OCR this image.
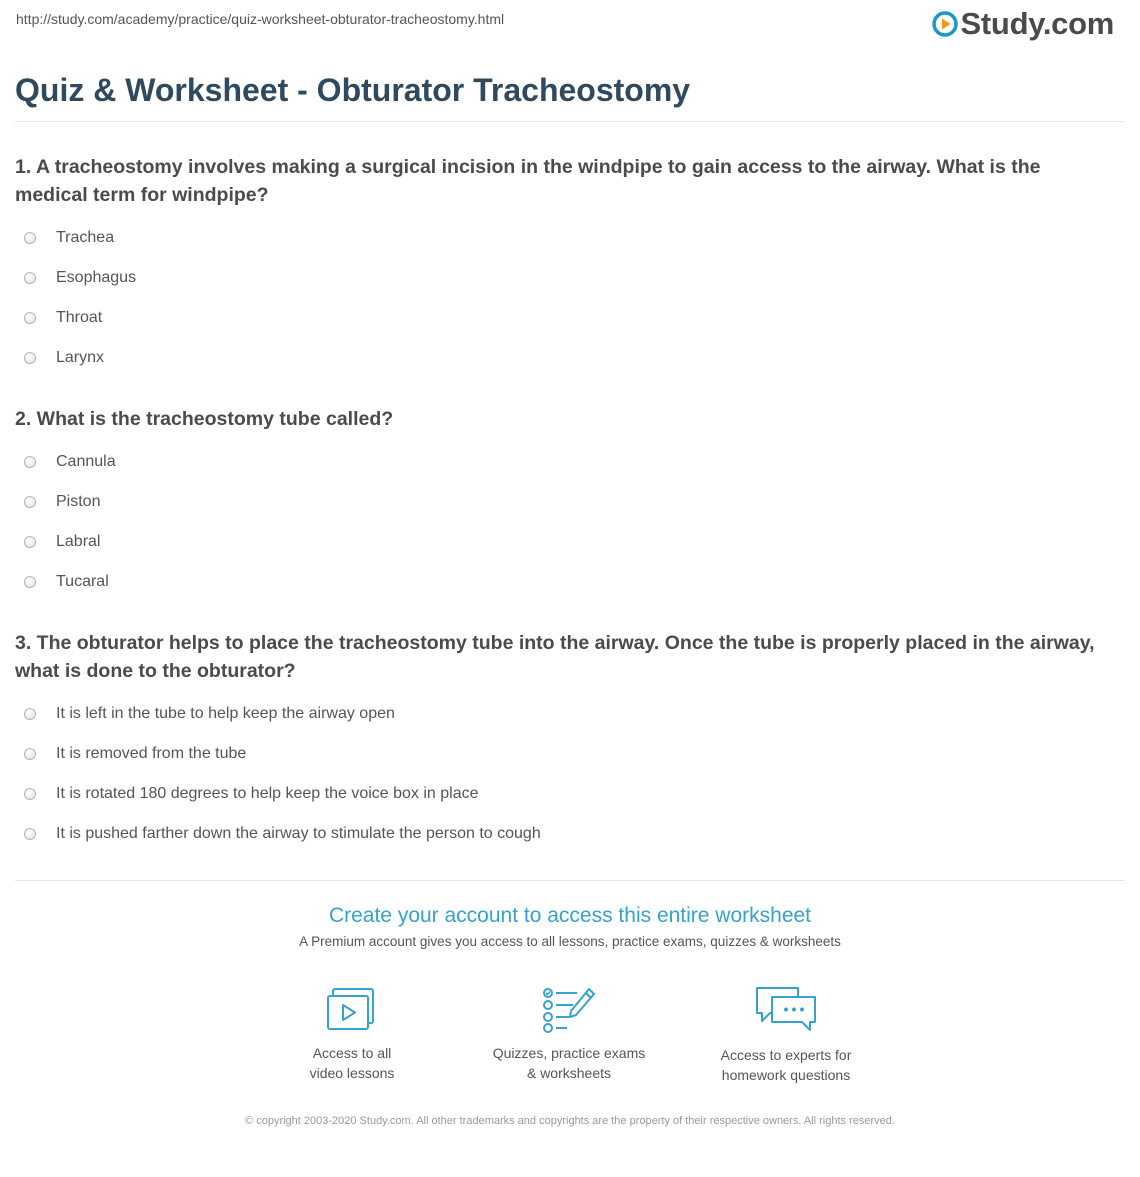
http://study.com/academy/practice/quiz-worksheet-obturator-tracheostomy.html	Study.com
Quiz & Worksheet - Obturator Tracheostomy

1. A tracheostomy involves making a surgical incision in the windpipe to gain access to the airway. What is the medical term for windpipe?

Trachea
Esophagus
Throat
Larynx

2. What is the tracheostomy tube called?

Cannula
Piston
Labral
Tucaral

3. The obturator helps to place the tracheostomy tube into the airway. Once the tube is properly placed in the airway, what is done to the obturator?

It is left in the tube to help keep the airway open
It is removed from the tube
It is rotated 180 degrees to help keep the voice box in place
It is pushed farther down the airway to stimulate the person to cough
Create your account to access this entire worksheet
A Premium account gives you access to all lessons, practice exams, quizzes & worksheets
Access to all
video lessons
Quizzes, practice exams
& worksheets
Access to experts for
homework questions
© copyright 2003-2020 Study.com. All other trademarks and copyrights are the property of their respective owners. All rights reserved.
